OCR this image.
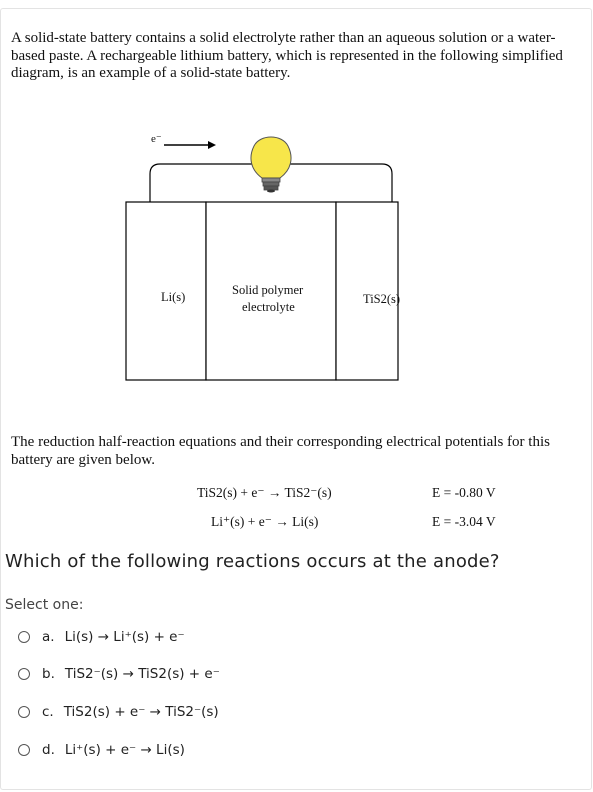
A solid-state battery contains a solid electrolyte rather than an aqueous solution or a water-based paste. A rechargeable lithium battery, which is represented in the following simplified diagram, is an example of a solid-state battery.
e⁻
Li(s)	Solid polymer
electrolyte
TiS2(s)
The reduction half-reaction equations and their corresponding electrical potentials for this battery are given below.
TiS2(s) + e⁻ → TiS2⁻(s)	E = -0.80 V
Li⁺(s) + e⁻ → Li(s)	E = -3.04 V
Which of the following reactions occurs at the anode?
Select one:
a. Li(s) → Li⁺(s) + e⁻
b. TiS2⁻(s) → TiS2(s) + e⁻
c. TiS2(s) + e⁻ → TiS2⁻(s)
d. Li⁺(s) + e⁻ → Li(s)
